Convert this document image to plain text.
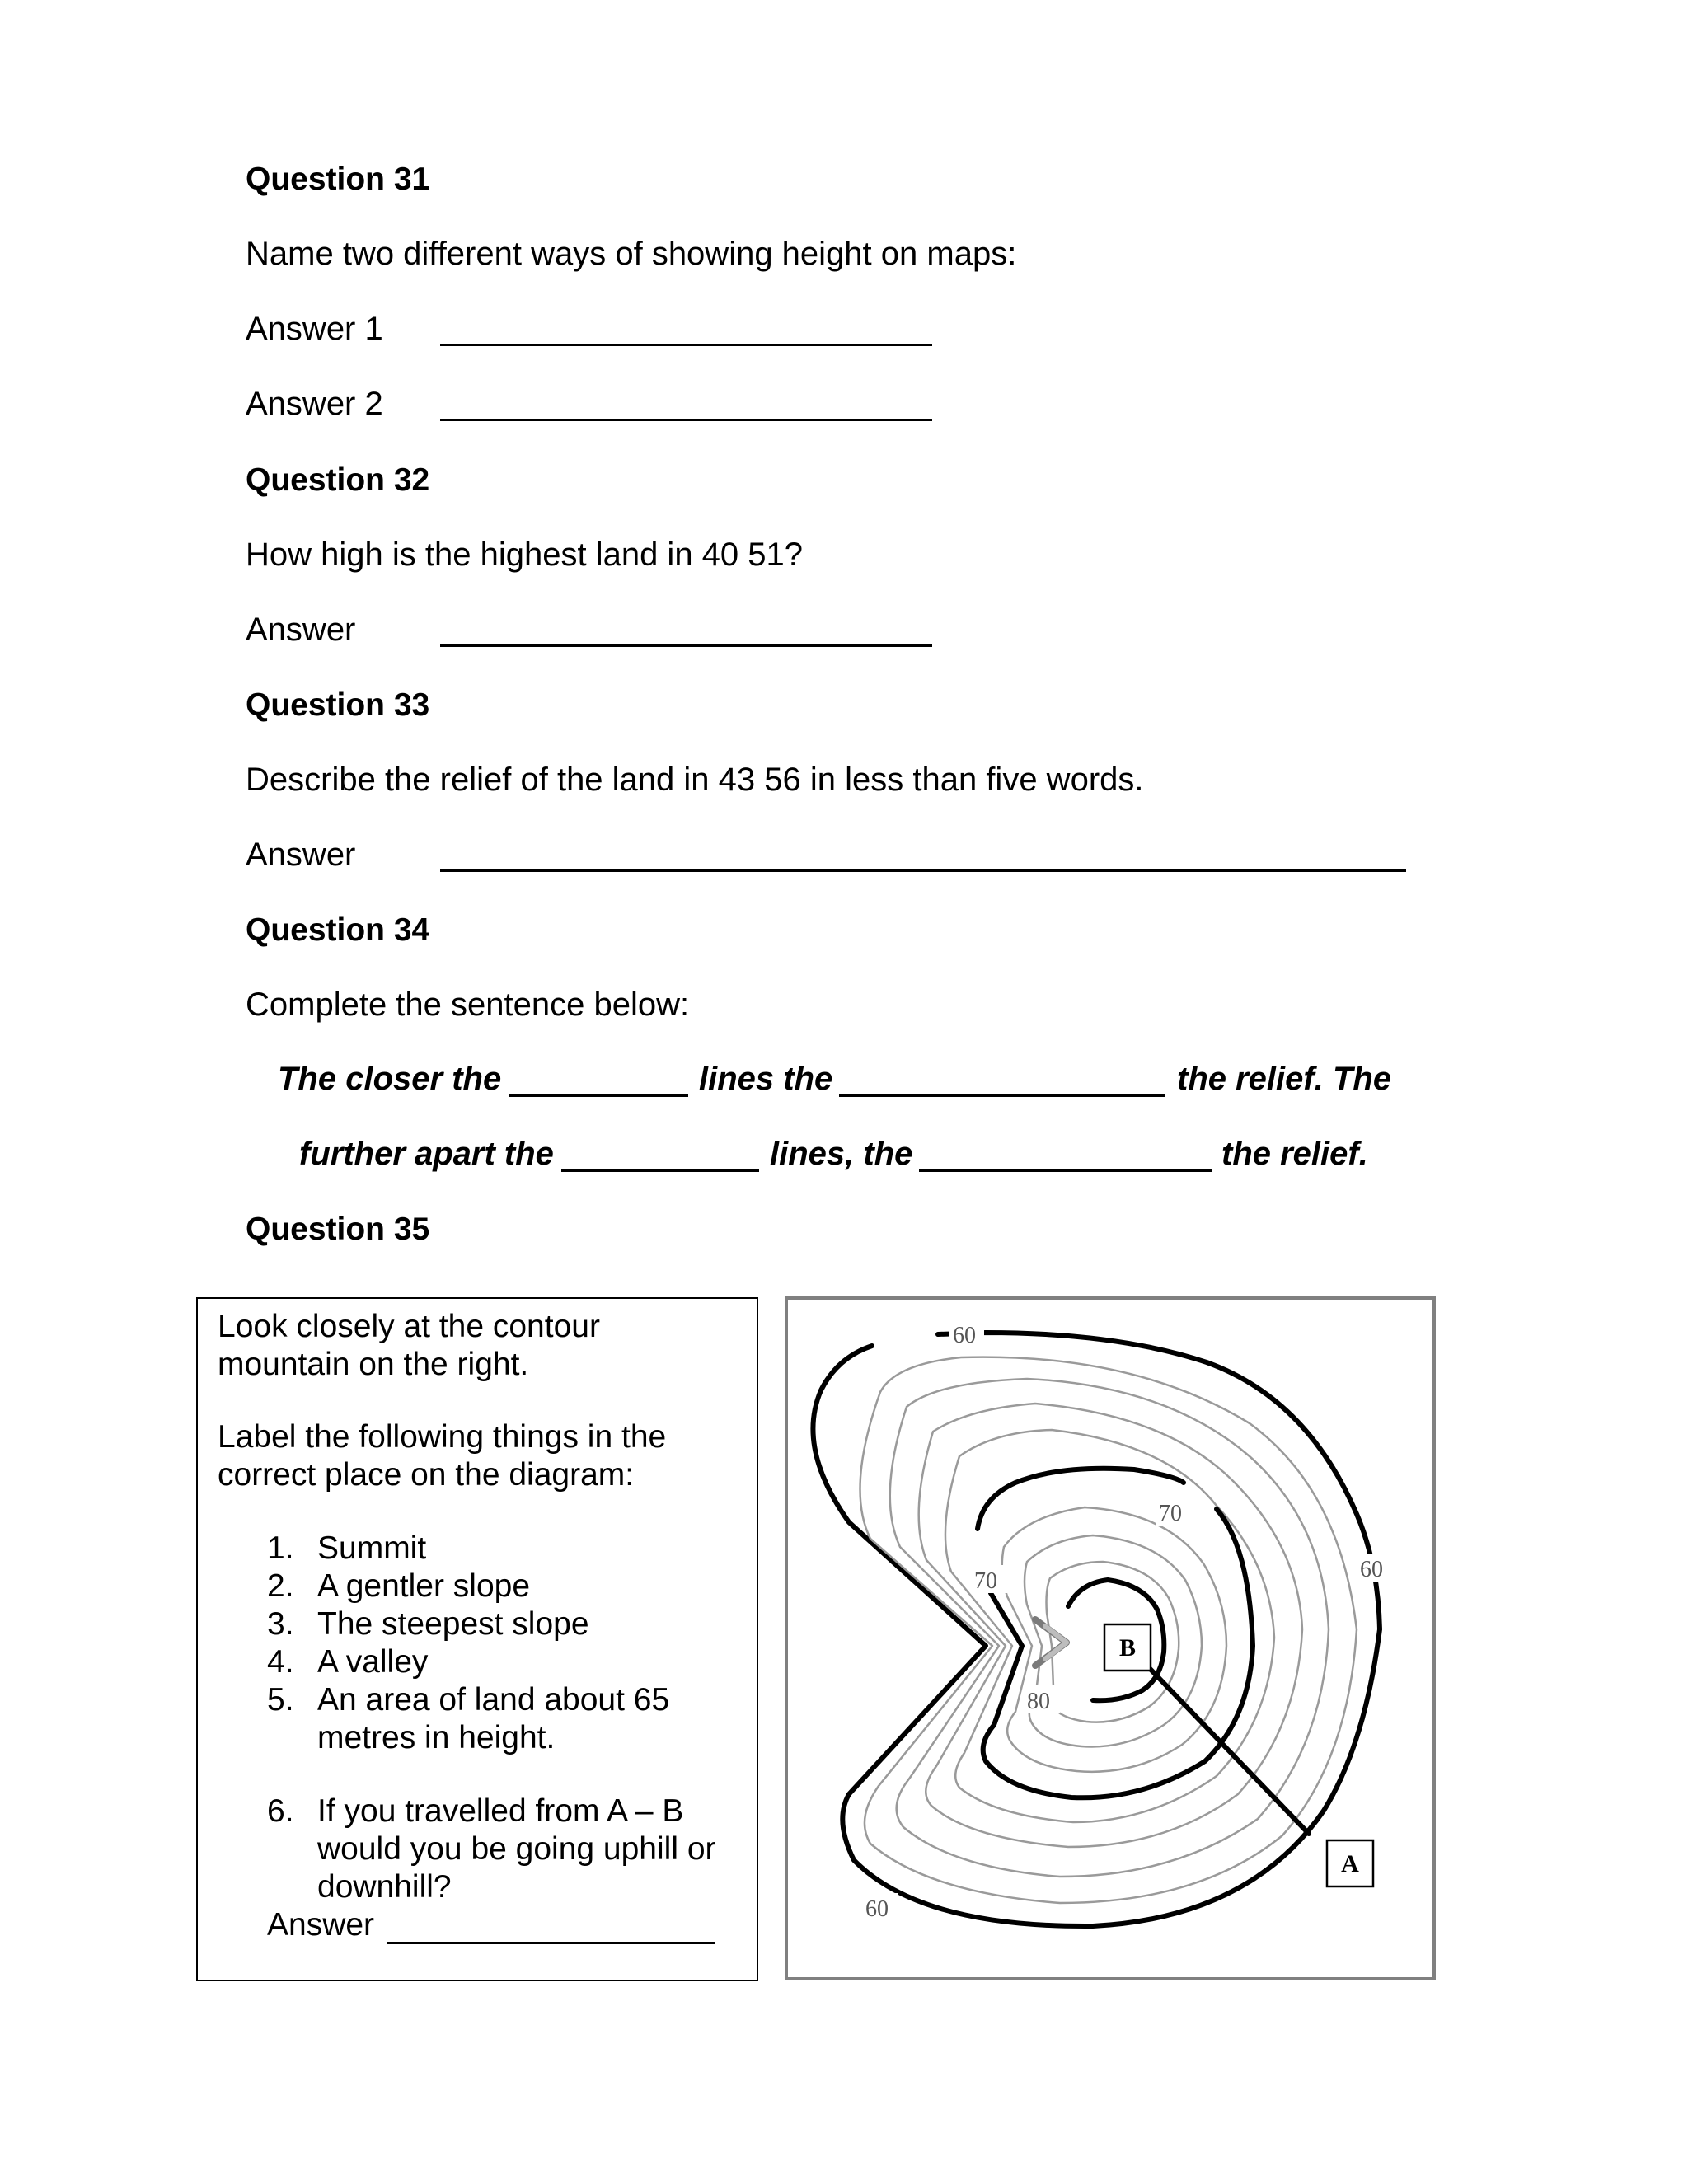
Question 31
Name two different ways of showing height on maps:
Answer 1
Answer 2
Question 32
How high is the highest land in 40 51?
Answer
Question 33
Describe the relief of the land in 43 56 in less than five words.
Answer
Question 34
Complete the sentence below:
The closer the	lines the	the relief. The
further apart the	lines, the	the relief.
Question 35
Look closely at the contour
mountain on the right.
Label the following things in the
correct place on the diagram:
1. Summit
2. A gentler slope
3. The steepest slope
4. A valley
5. An area of land about 65
metres in height.
6. If you travelled from A – B
would you be going uphill or
downhill?
Answer
60
60
70
70
80
60
B
A
